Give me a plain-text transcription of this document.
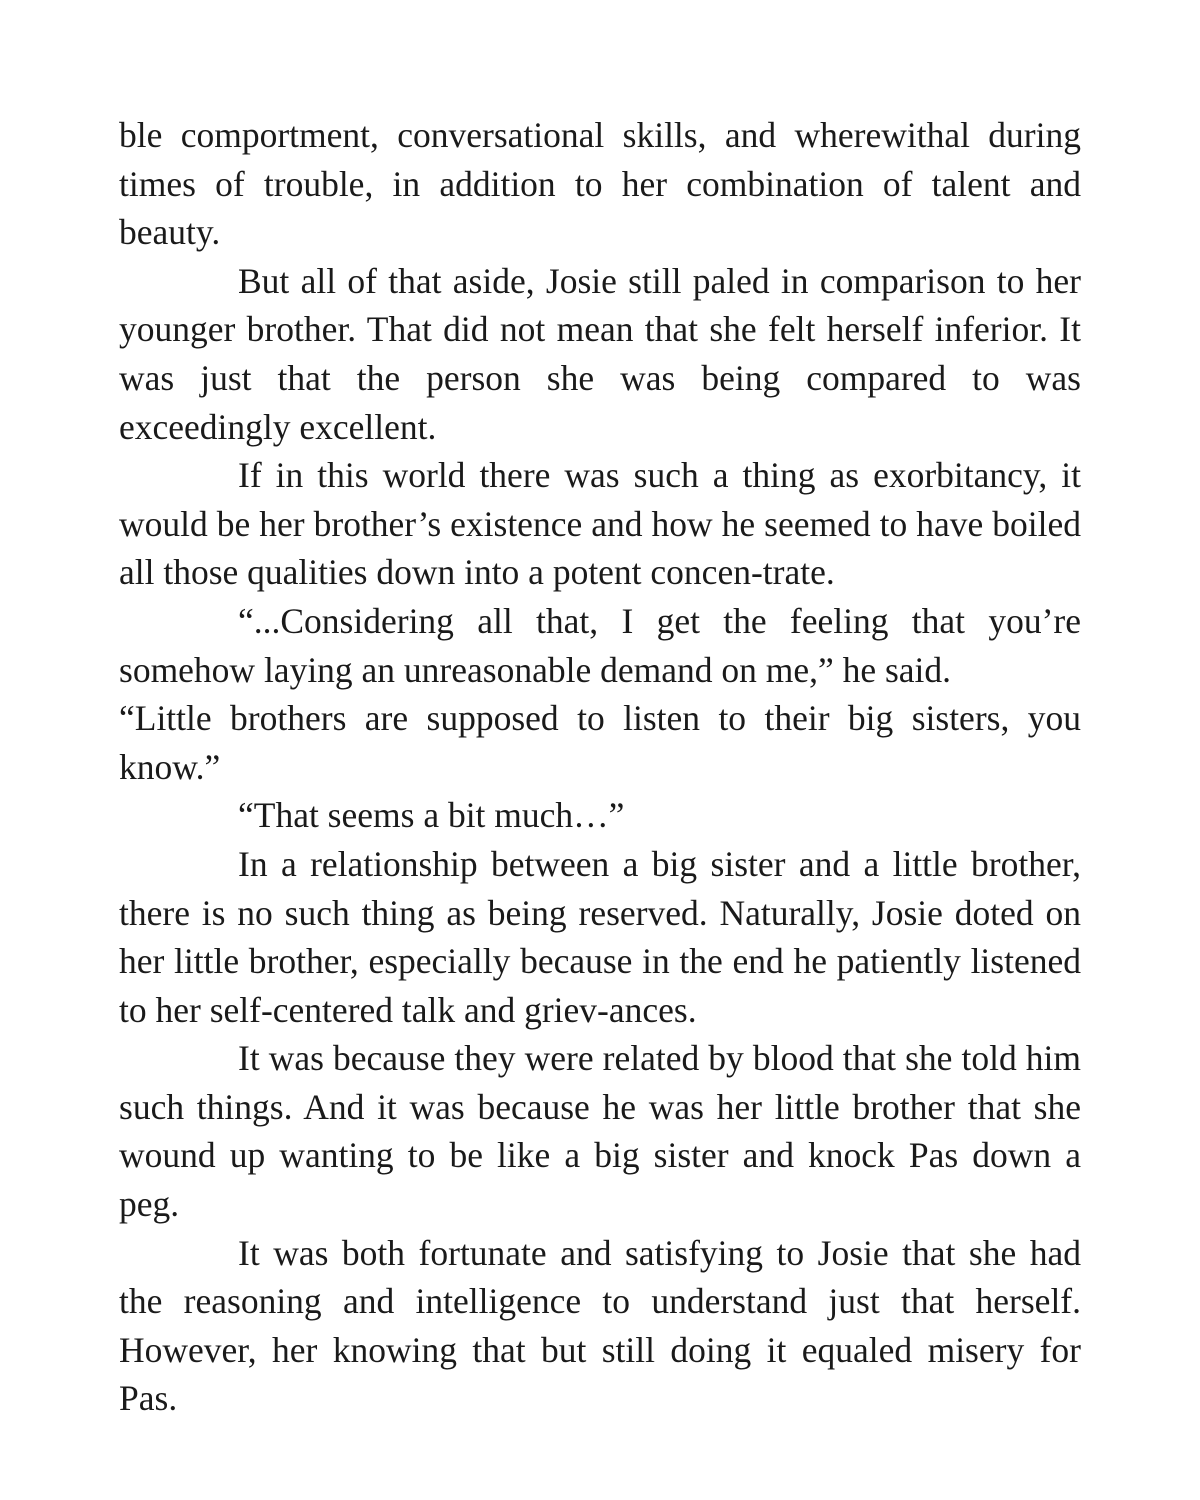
ble comportment, conversational skills, and wherewithal during times of trouble, in addition to her combination of talent and beauty.

But all of that aside, Josie still paled in comparison to her younger brother. That did not mean that she felt herself inferior. It was just that the person she was being compared to was exceedingly excellent.

If in this world there was such a thing as exorbitancy, it would be her brother’s existence and how he seemed to have boiled all those qualities down into a potent concen-trate.

“...Considering all that, I get the feeling that you’re somehow laying an unreasonable demand on me,” he said.

“Little brothers are supposed to listen to their big sisters, you know.”

“That seems a bit much…”

In a relationship between a big sister and a little brother, there is no such thing as being reserved. Naturally, Josie doted on her little brother, especially because in the end he patiently listened to her self-centered talk and griev-ances.

It was because they were related by blood that she told him such things. And it was because he was her little brother that she wound up wanting to be like a big sister and knock Pas down a peg.

It was both fortunate and satisfying to Josie that she had the reasoning and intelligence to understand just that herself. However, her knowing that but still doing it equaled misery for Pas.
